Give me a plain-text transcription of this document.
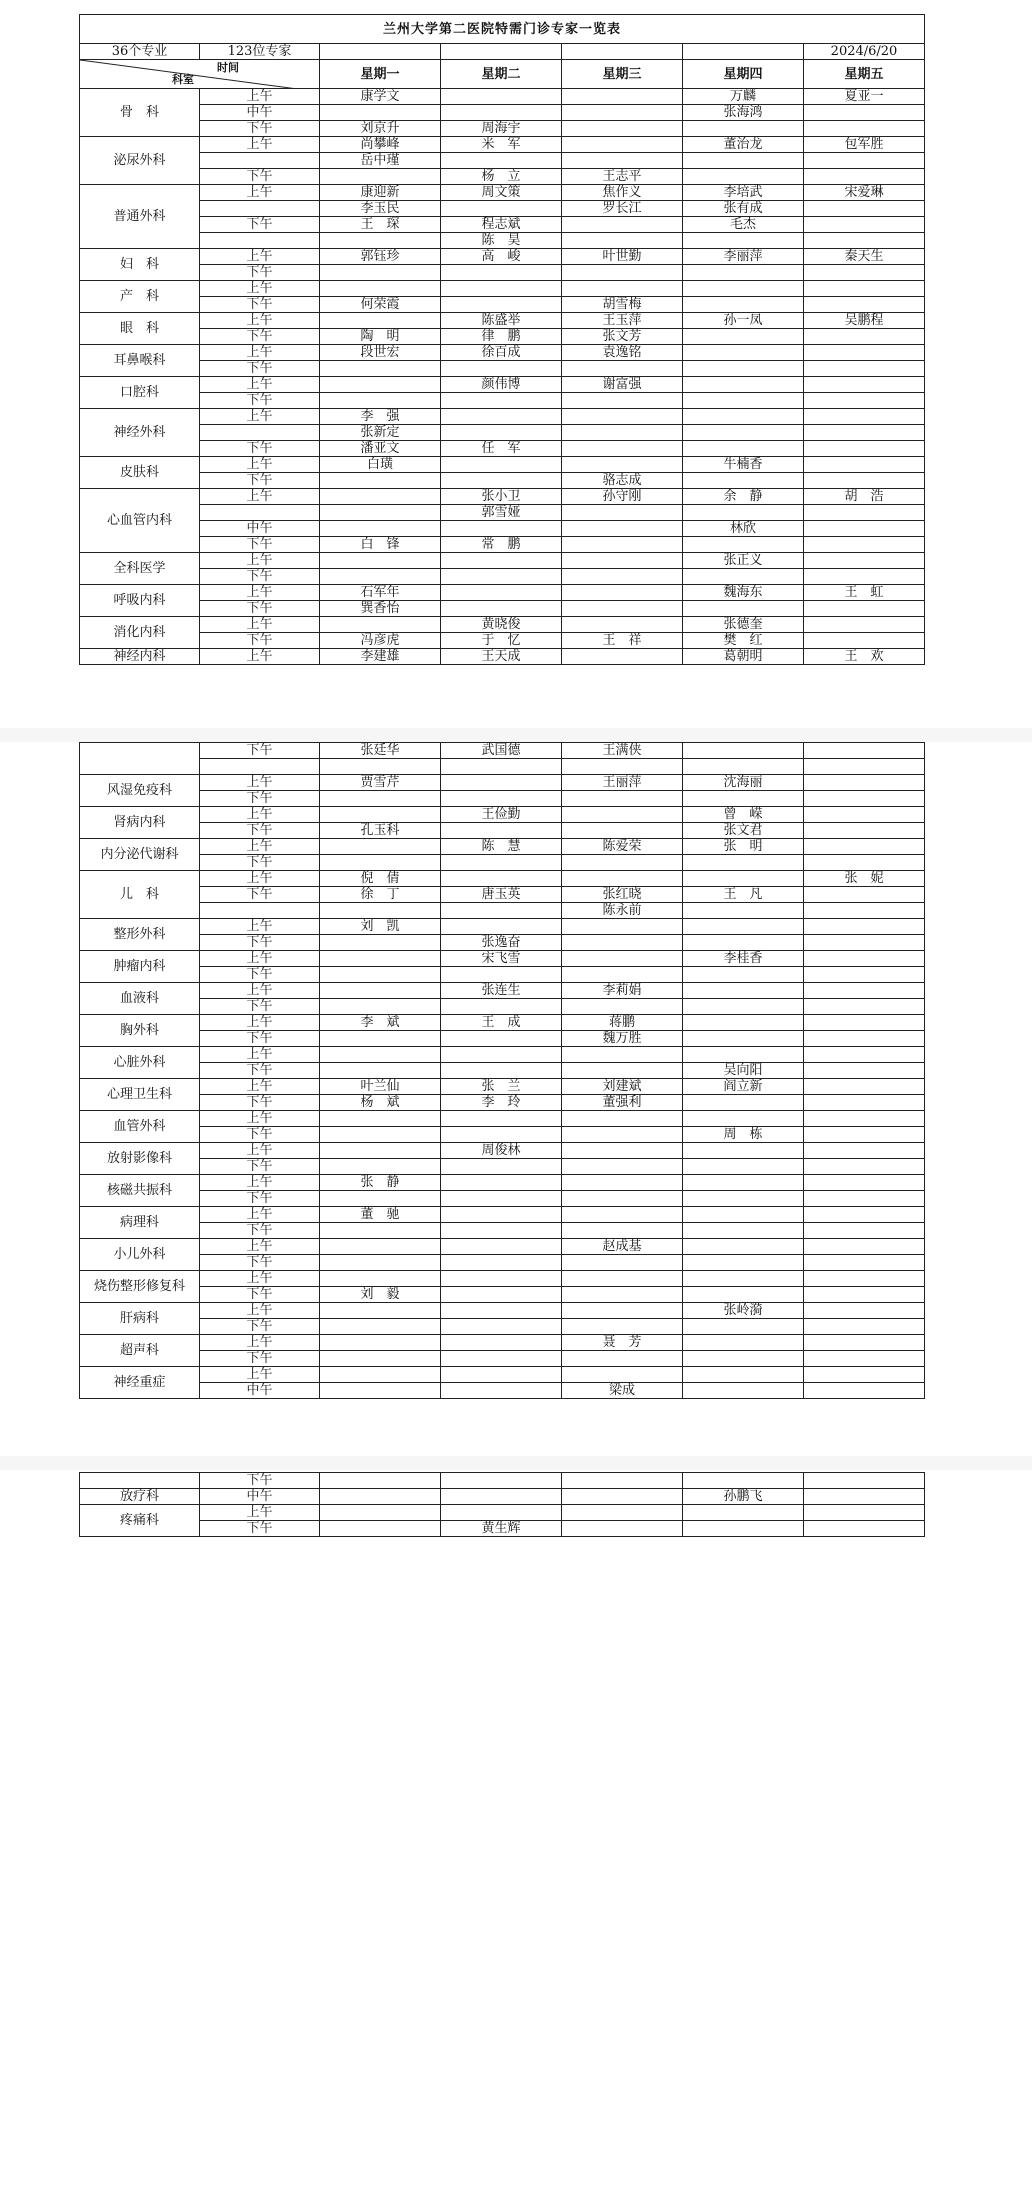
兰州大学第二医院特需门诊专家一览表						
36个专业	123位专家					2024/6/20

时间
科室		星期一	星期二	星期三	星期四	星期五
骨　科	上午	康学文			万麟	夏亚一
	中午				张海鸿	
	下午	刘京升	周海宇			
泌尿外科	上午	尚攀峰	米　军		董治龙	包军胜
		岳中瑾				
	下午		杨　立	王志平		
普通外科	上午	康迎新	周文策	焦作义	李培武	宋爱琳
		李玉民		罗长江	张有成	
	下午	王　琛	程志斌		毛杰	
			陈　昊			
妇　科	上午	郭钰珍	高　峻	叶世勤	李丽萍	秦天生
	下午					
产　科	上午					
	下午	何荣霞		胡雪梅		
眼　科	上午		陈盛举	王玉萍	孙一凤	吴鹏程
	下午	陶　明	律　鹏	张文芳		
耳鼻喉科	上午	段世宏	徐百成	袁逸铭		
	下午					
口腔科	上午		颜伟博	谢富强		
	下午					
神经外科	上午	李　强				
		张新定				
	下午	潘亚文	任　军			
皮肤科	上午	白璜			牛楠香	
	下午			骆志成		
心血管内科	上午		张小卫	孙守刚	余　静	胡　浩
			郭雪娅			
	中午				林欣	
	下午	白　锋	常　鹏			
全科医学	上午				张正义	
	下午					
呼吸内科	上午	石军年			魏海东	王　虹
	下午	巽香怡				
消化内科	上午		黄晓俊		张德奎	
	下午	冯彦虎	于　忆	王　祥	樊　红	
神经内科	上午	李建雄	王天成		葛朝明	王　欢
	下午	张廷华	武国德	王满侠		

风湿免疫科	上午	贾雪芹		王丽萍	沈海丽	
	下午					
肾病内科	上午		王俭勤		曾　嵘	
	下午	孔玉科			张文君	
内分泌代谢科	上午		陈　慧	陈爱荣	张　明	
	下午					
儿　科	上午	倪　倩				张　妮
	下午	徐　丁	唐玉英	张红晓	王　凡	
				陈永前		
整形外科	上午	刘　凯				
	下午		张逸奋			
肿瘤内科	上午		宋飞雪		李桂香	
	下午					
血液科	上午		张连生	李莉娟		
	下午					
胸外科	上午	李　斌	王　成	蒋鹏		
	下午			魏万胜		
心脏外科	上午					
	下午				吴向阳	
心理卫生科	上午	叶兰仙	张　兰	刘建斌	阎立新	
	下午	杨　斌	李　玲	董强利		
血管外科	上午					
	下午				周　栋	
放射影像科	上午		周俊林			
	下午					
核磁共振科	上午	张　静				
	下午					
病理科	上午	董　驰				
	下午					
小儿外科	上午			赵成基		
	下午					
烧伤整形修复科	上午					
	下午	刘　毅				
肝病科	上午				张岭漪	
	下午					
超声科	上午			聂　芳		
	下午					
神经重症	上午					
	中午			梁成		
	下午					
放疗科	中午				孙鹏飞	
疼痛科	上午					
	下午		黄生辉			
